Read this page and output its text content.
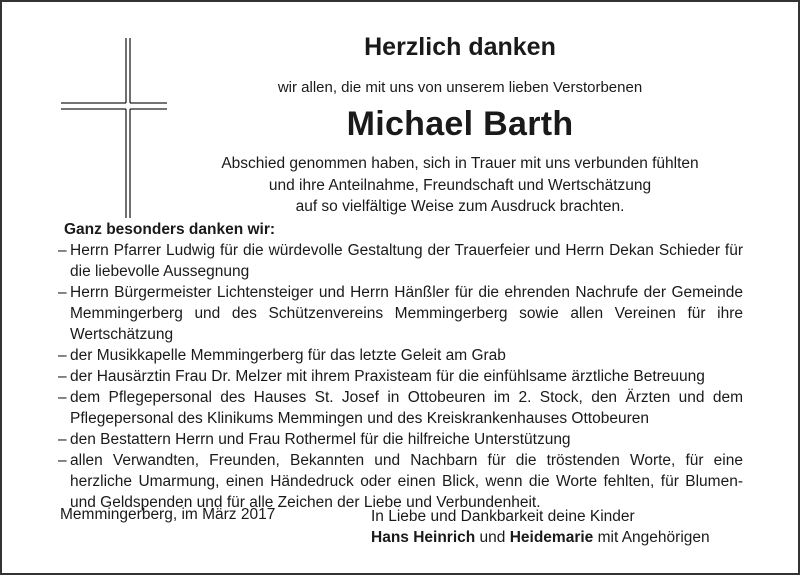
Herzlich danken
wir allen, die mit uns von unserem lieben Verstorbenen
Michael Barth
Abschied genommen haben, sich in Trauer mit uns verbunden fühlten
und ihre Anteilnahme, Freundschaft und Wertschätzung
auf so vielfältige Weise zum Ausdruck brachten.
Ganz besonders danken wir:
– Herrn Pfarrer Ludwig für die würdevolle Gestaltung der Trauerfeier und Herrn Dekan Schieder für die liebevolle Aussegnung
– Herrn Bürgermeister Lichtensteiger und Herrn Hänßler für die ehrenden Nachrufe der Gemeinde Memmingerberg und des Schützenvereins Memmingerberg sowie allen Vereinen für ihre Wertschätzung
– der Musikkapelle Memmingerberg für das letzte Geleit am Grab
– der Hausärztin Frau Dr. Melzer mit ihrem Praxisteam für die einfühlsame ärztliche Betreuung
– dem Pflegepersonal des Hauses St. Josef in Ottobeuren im 2. Stock, den Ärzten und dem Pflegepersonal des Klinikums Memmingen und des Kreiskrankenhauses Ottobeuren
– den Bestattern Herrn und Frau Rothermel für die hilfreiche Unterstützung
– allen Verwandten, Freunden, Bekannten und Nachbarn für die tröstenden Worte, für eine herzliche Umarmung, einen Händedruck oder einen Blick, wenn die Worte fehlten, für Blumen- und Geldspenden und für alle Zeichen der Liebe und Verbundenheit.
Memmingerberg, im März 2017	In Liebe und Dankbarkeit deine Kinder
Hans Heinrich und Heidemarie mit Angehörigen
